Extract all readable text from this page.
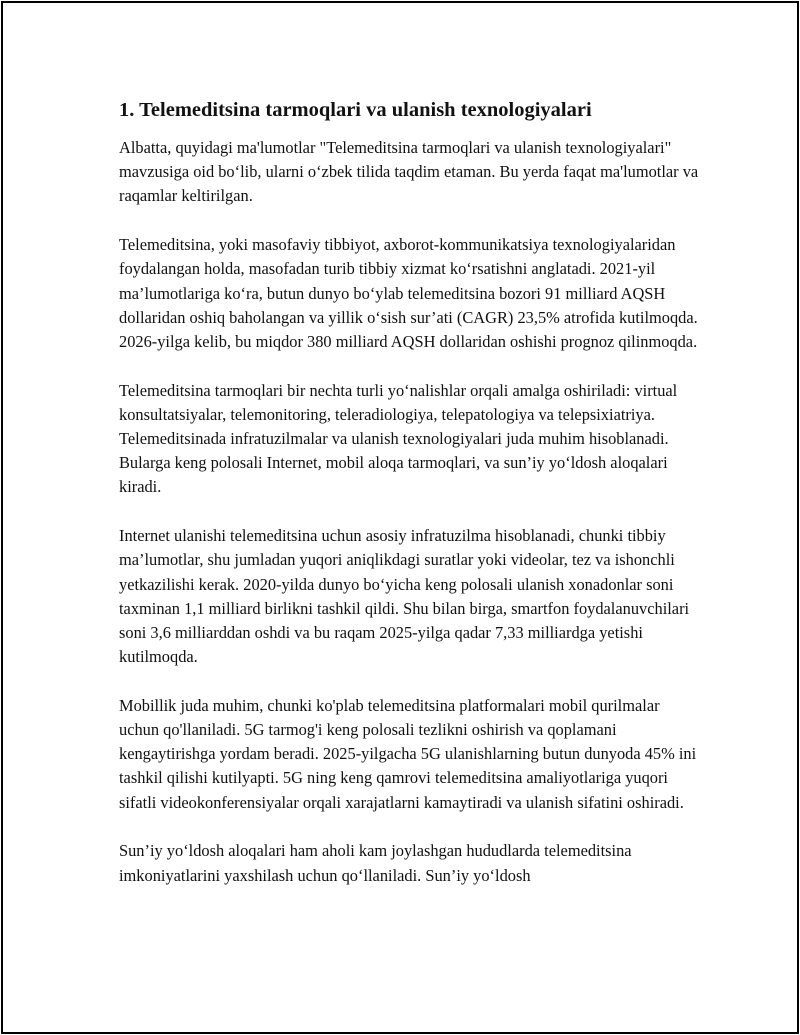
1. Telemeditsina tarmoqlari va ulanish texnologiyalari

Albatta, quyidagi ma'lumotlar "Telemeditsina tarmoqlari va ulanish texnologiyalari" mavzusiga oid bo‘lib, ularni o‘zbek tilida taqdim etaman. Bu yerda faqat ma'lumotlar va raqamlar keltirilgan.

Telemeditsina, yoki masofaviy tibbiyot, axborot-kommunikatsiya texnologiyalaridan foydalangan holda, masofadan turib tibbiy xizmat ko‘rsatishni anglatadi. 2021-yil ma’lumotlariga ko‘ra, butun dunyo bo‘ylab telemeditsina bozori 91 milliard AQSH dollaridan oshiq baholangan va yillik o‘sish sur’ati (CAGR) 23,5% atrofida kutilmoqda. 2026-yilga kelib, bu miqdor 380 milliard AQSH dollaridan oshishi prognoz qilinmoqda.

Telemeditsina tarmoqlari bir nechta turli yo‘nalishlar orqali amalga oshiriladi: virtual konsultatsiyalar, telemonitoring, teleradiologiya, telepatologiya va telepsixiatriya. Telemeditsinada infratuzilmalar va ulanish texnologiyalari juda muhim hisoblanadi. Bularga keng polosali Internet, mobil aloqa tarmoqlari, va sun’iy yo‘ldosh aloqalari kiradi.

Internet ulanishi telemeditsina uchun asosiy infratuzilma hisoblanadi, chunki tibbiy ma’lumotlar, shu jumladan yuqori aniqlikdagi suratlar yoki videolar, tez va ishonchli yetkazilishi kerak. 2020-yilda dunyo bo‘yicha keng polosali ulanish xonadonlar soni taxminan 1,1 milliard birlikni tashkil qildi. Shu bilan birga, smartfon foydalanuvchilari soni 3,6 milliarddan oshdi va bu raqam 2025-yilga qadar 7,33 milliardga yetishi kutilmoqda.

Mobillik juda muhim, chunki ko'plab telemeditsina platformalari mobil qurilmalar uchun qo'llaniladi. 5G tarmog'i keng polosali tezlikni oshirish va qoplamani kengaytirishga yordam beradi. 2025-yilgacha 5G ulanishlarning butun dunyoda 45% ini tashkil qilishi kutilyapti. 5G ning keng qamrovi telemeditsina amaliyotlariga yuqori sifatli videokonferensiyalar orqali xarajatlarni kamaytiradi va ulanish sifatini oshiradi.

Sun’iy yo‘ldosh aloqalari ham aholi kam joylashgan hududlarda telemeditsina imkoniyatlarini yaxshilash uchun qo‘llaniladi. Sun’iy yo‘ldosh
